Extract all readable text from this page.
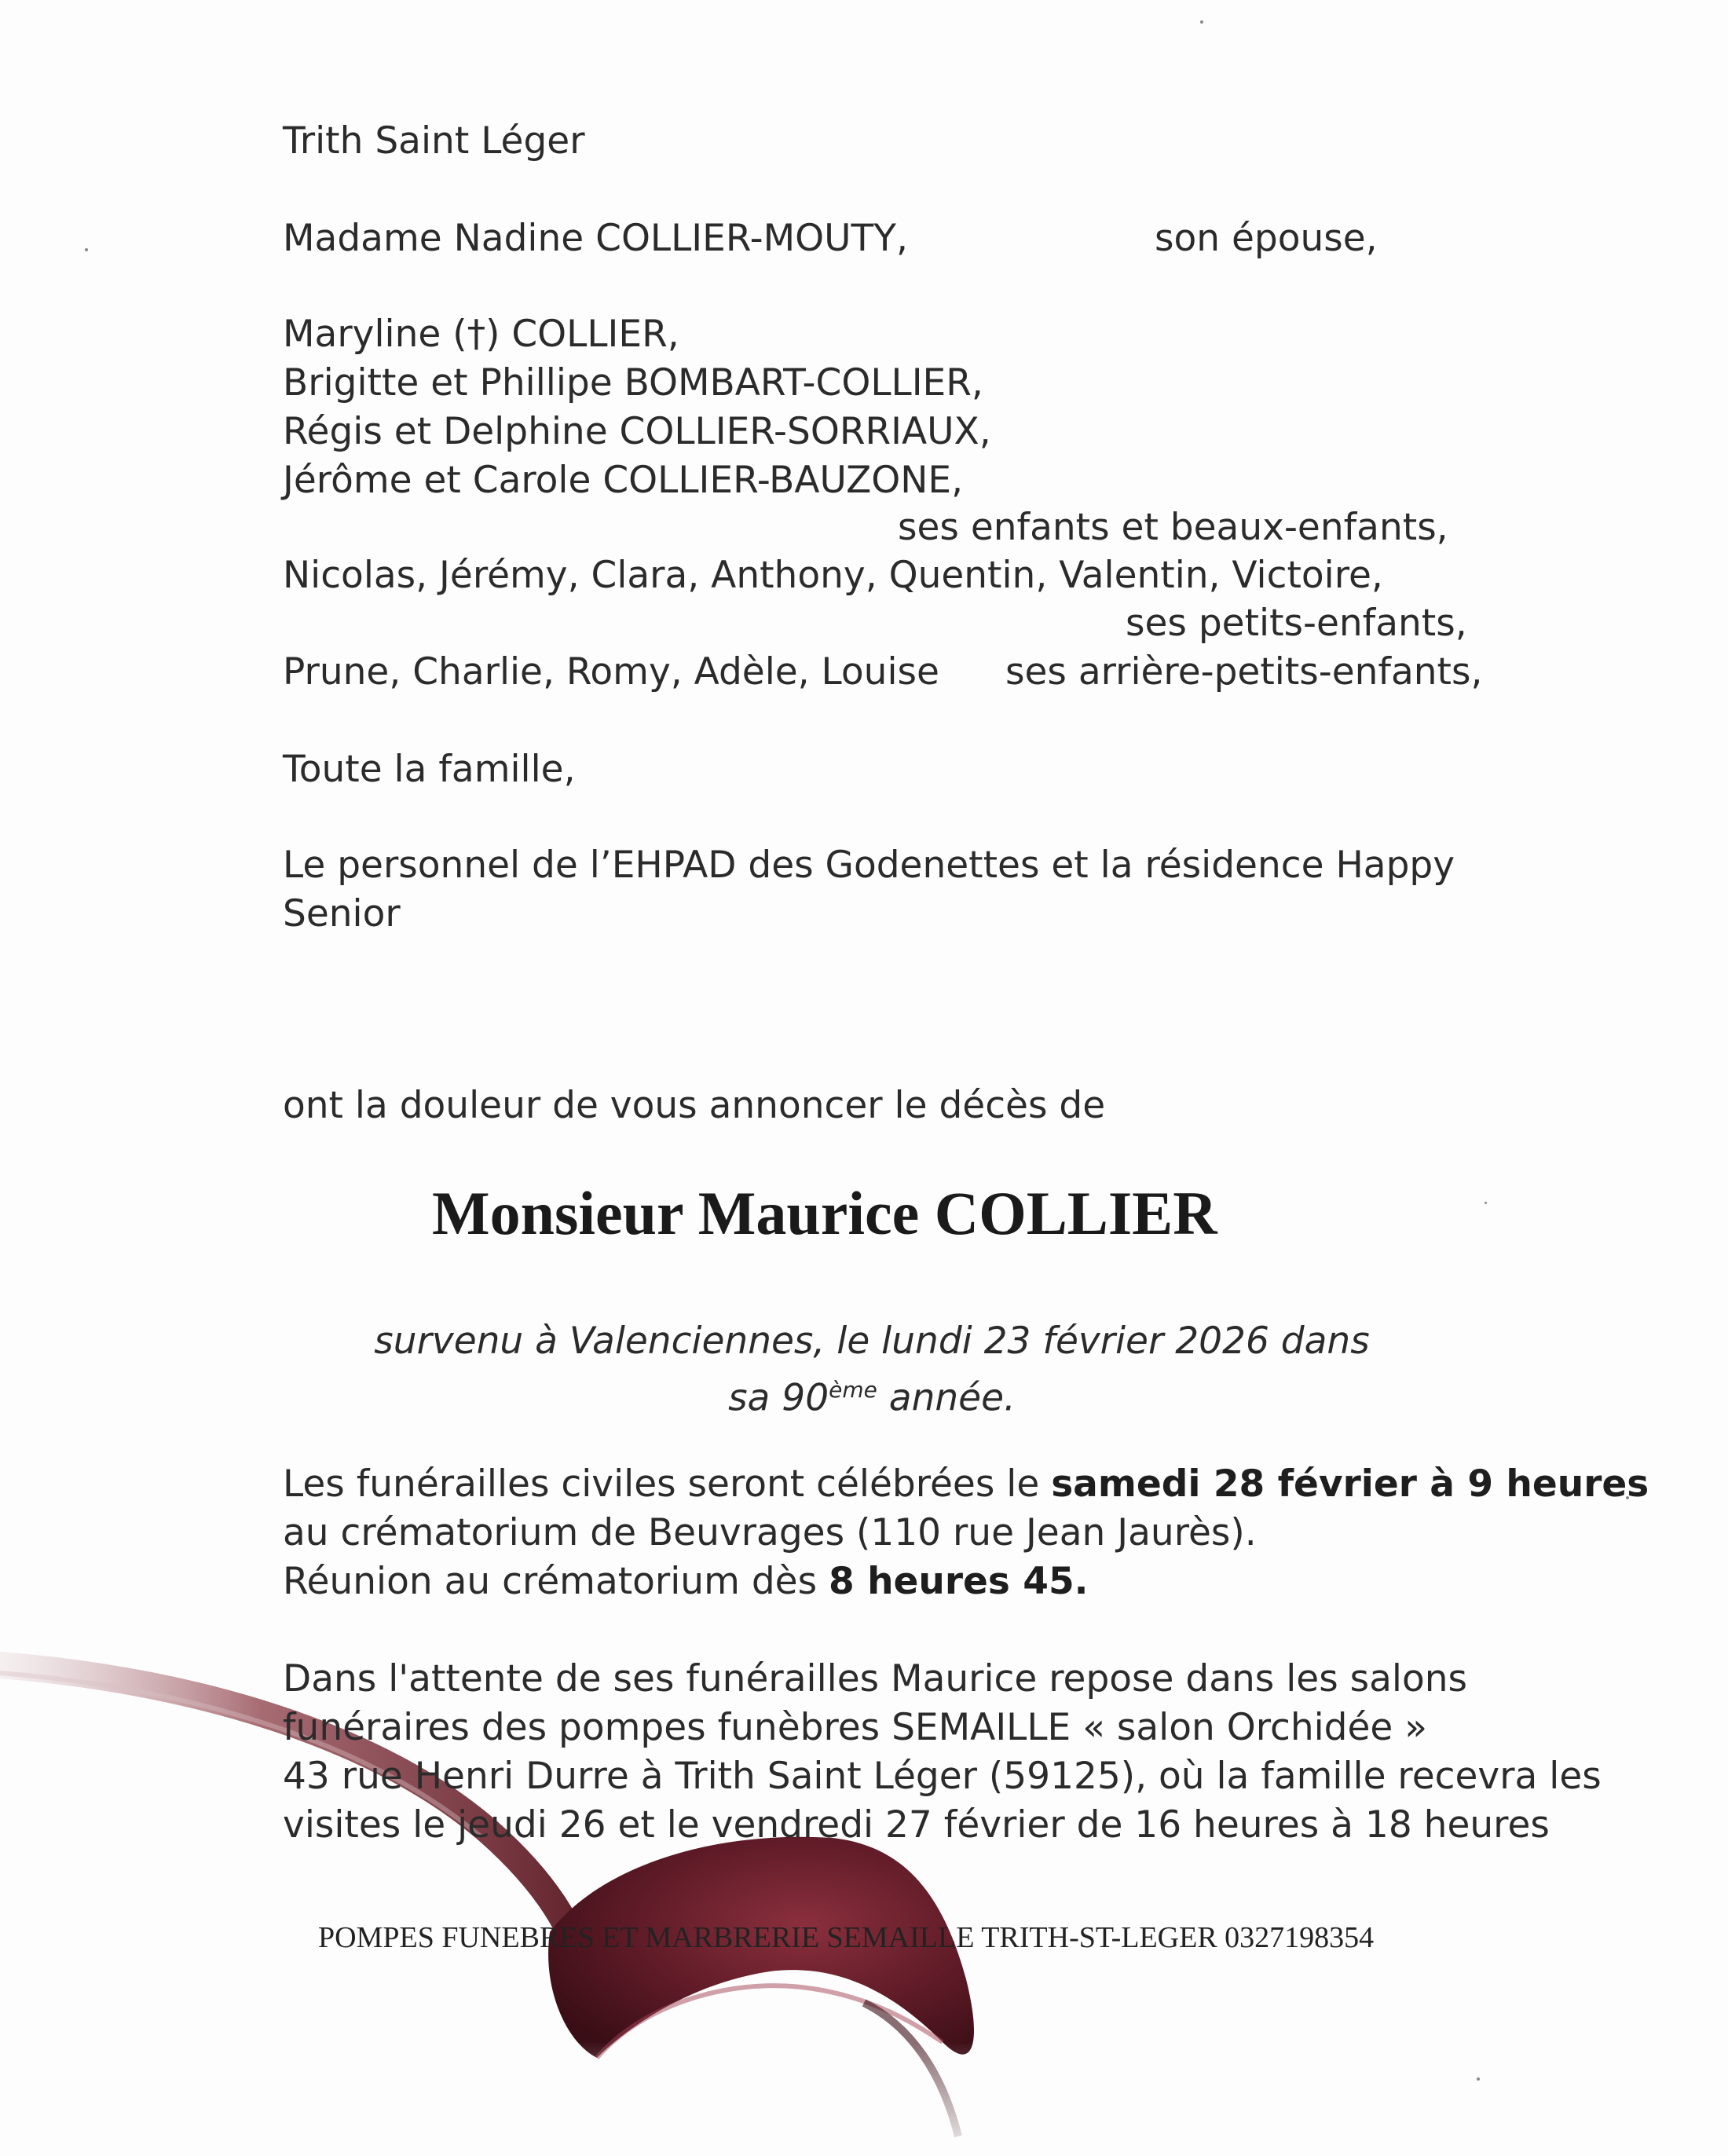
Trith Saint Léger
Madame Nadine COLLIER-MOUTY,	son épouse,
Maryline (†) COLLIER,
Brigitte et Phillipe BOMBART-COLLIER,
Régis et Delphine COLLIER-SORRIAUX,
Jérôme et Carole COLLIER-BAUZONE,
ses enfants et beaux-enfants,
Nicolas, Jérémy, Clara, Anthony, Quentin, Valentin, Victoire,
ses petits-enfants,
Prune, Charlie, Romy, Adèle, Louise ses arrière-petits-enfants,
Toute la famille,
Le personnel de l’EHPAD des Godenettes et la résidence Happy
Senior
ont la douleur de vous annoncer le décès de
Monsieur Maurice COLLIER
survenu à Valenciennes, le lundi 23 février 2026 dans
sa 90ème année.
Les funérailles civiles seront célébrées le samedi 28 février à 9 heures
au crématorium de Beuvrages (110 rue Jean Jaurès).
Réunion au crématorium dès 8 heures 45.
Dans l'attente de ses funérailles Maurice repose dans les salons
funéraires des pompes funèbres SEMAILLE « salon Orchidée »
43 rue Henri Durre à Trith Saint Léger (59125), où la famille recevra les
visites le jeudi 26 et le vendredi 27 février de 16 heures à 18 heures
POMPES FUNEBRES ET MARBRERIE SEMAILLE TRITH-ST-LEGER 0327198354
